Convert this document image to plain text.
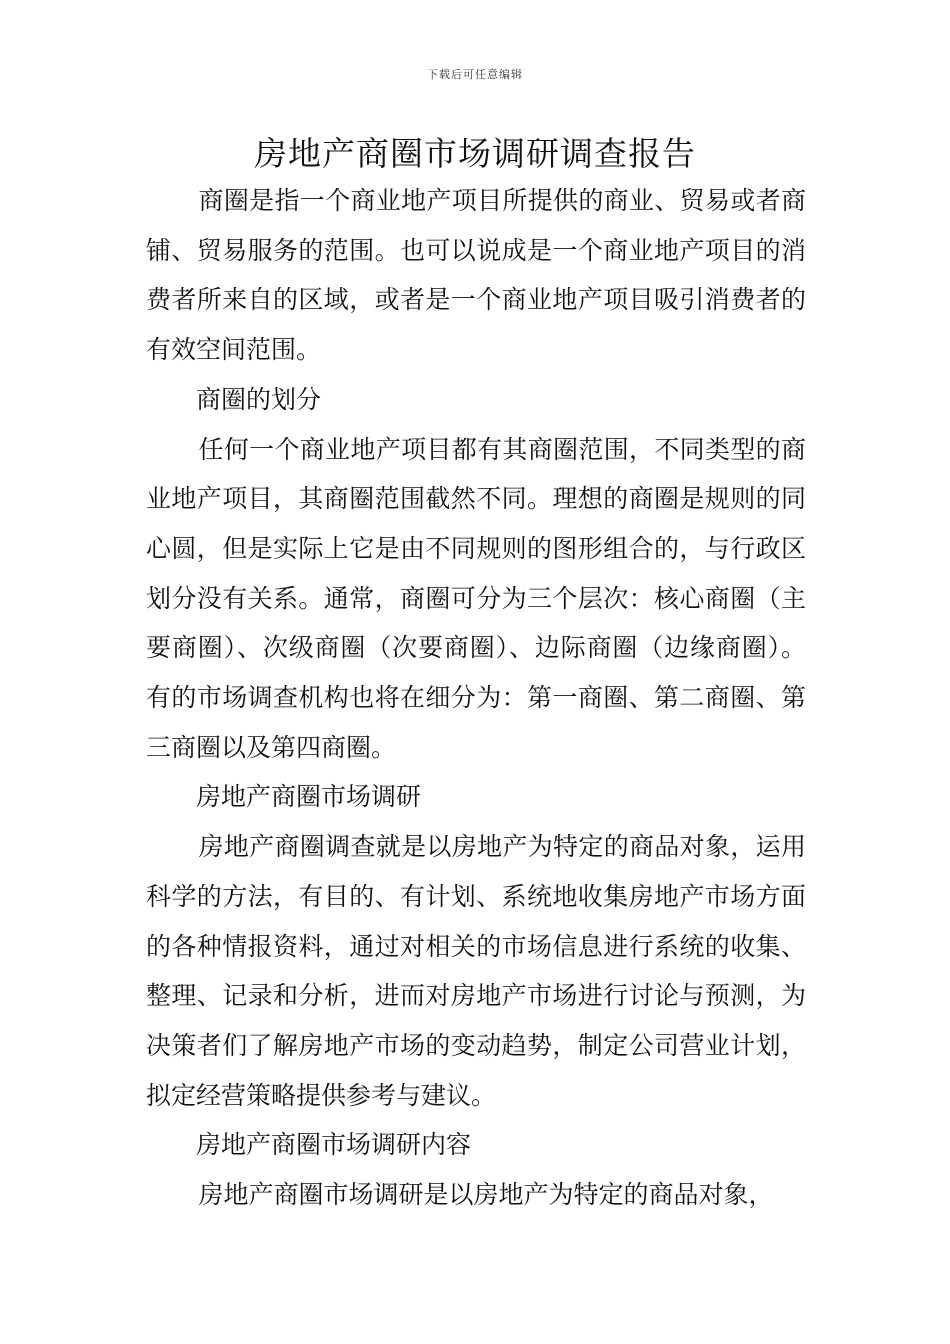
下载后可任意编辑
房地产商圈市场调研调查报告

商圈是指一个商业地产项目所提供的商业、贸易或者商铺、贸易服务的范围。也可以说成是一个商业地产项目的消费者所来自的区域，或者是一个商业地产项目吸引消费者的有效空间范围。

商圈的划分

任何一个商业地产项目都有其商圈范围，不同类型的商业地产项目，其商圈范围截然不同。理想的商圈是规则的同心圆，但是实际上它是由不同规则的图形组合的，与行政区划分没有关系。通常，商圈可分为三个层次：核心商圈（主要商圈）、次级商圈（次要商圈）、边际商圈（边缘商圈）。有的市场调查机构也将在细分为：第一商圈、第二商圈、第三商圈以及第四商圈。

房地产商圈市场调研

房地产商圈调查就是以房地产为特定的商品对象，运用科学的方法，有目的、有计划、系统地收集房地产市场方面的各种情报资料，通过对相关的市场信息进行系统的收集、整理、记录和分析，进而对房地产市场进行讨论与预测，为决策者们了解房地产市场的变动趋势，制定公司营业计划，拟定经营策略提供参考与建议。

房地产商圈市场调研内容

房地产商圈市场调研是以房地产为特定的商品对象，
